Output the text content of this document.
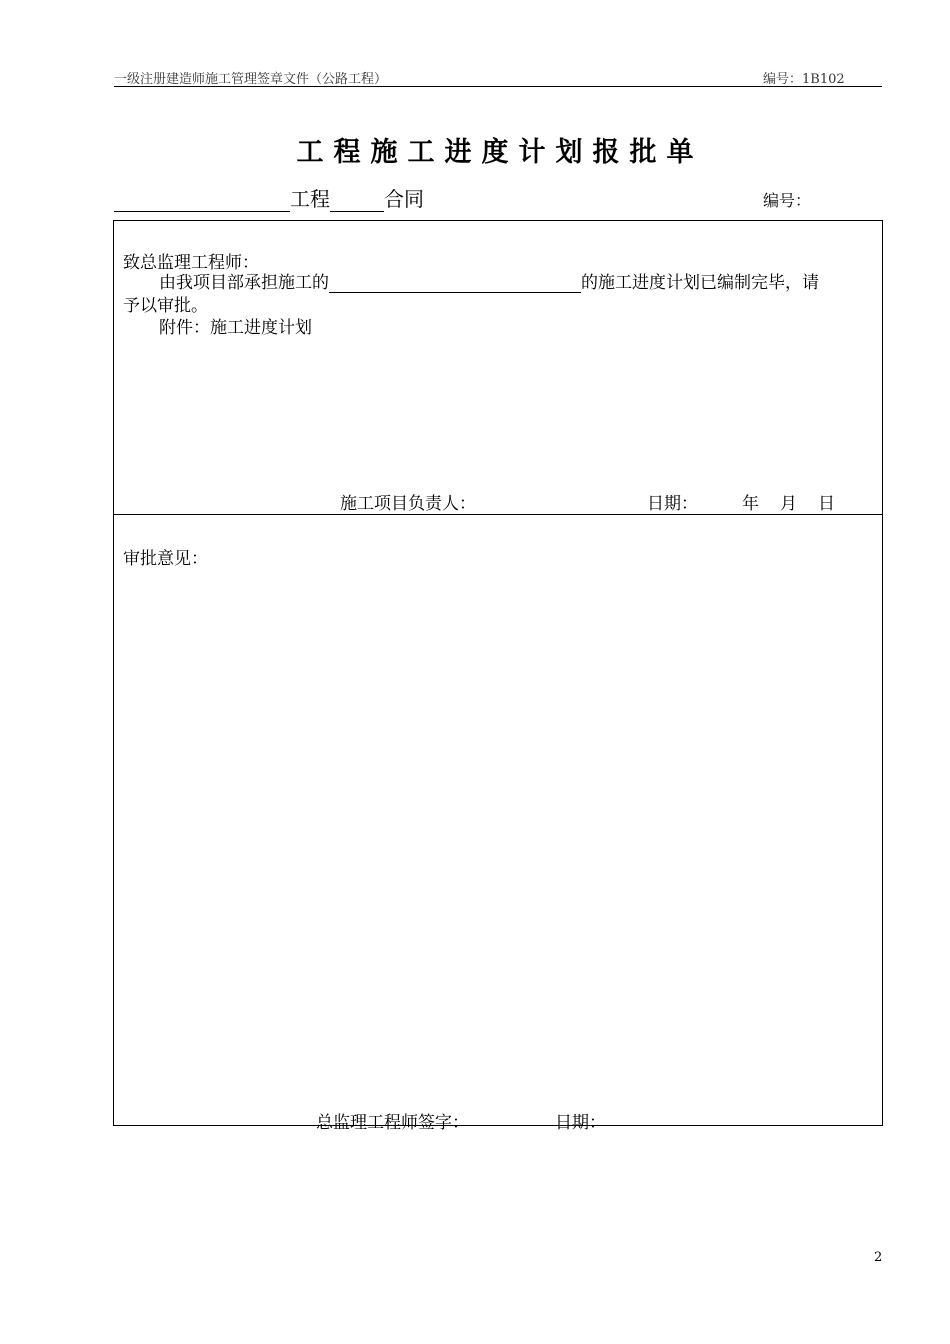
一级注册建造师施工管理签章文件（公路工程）	编号：1B102
工程施工进度计划报批单
工程	合同	编号：
致总监理工程师：
由我项目部承担施工的	的施工进度计划已编制完毕，请
予以审批。
附件：施工进度计划
施工项目负责人：	日期：	年　月　日
审批意见：
总监理工程师签字：	日期：
2
